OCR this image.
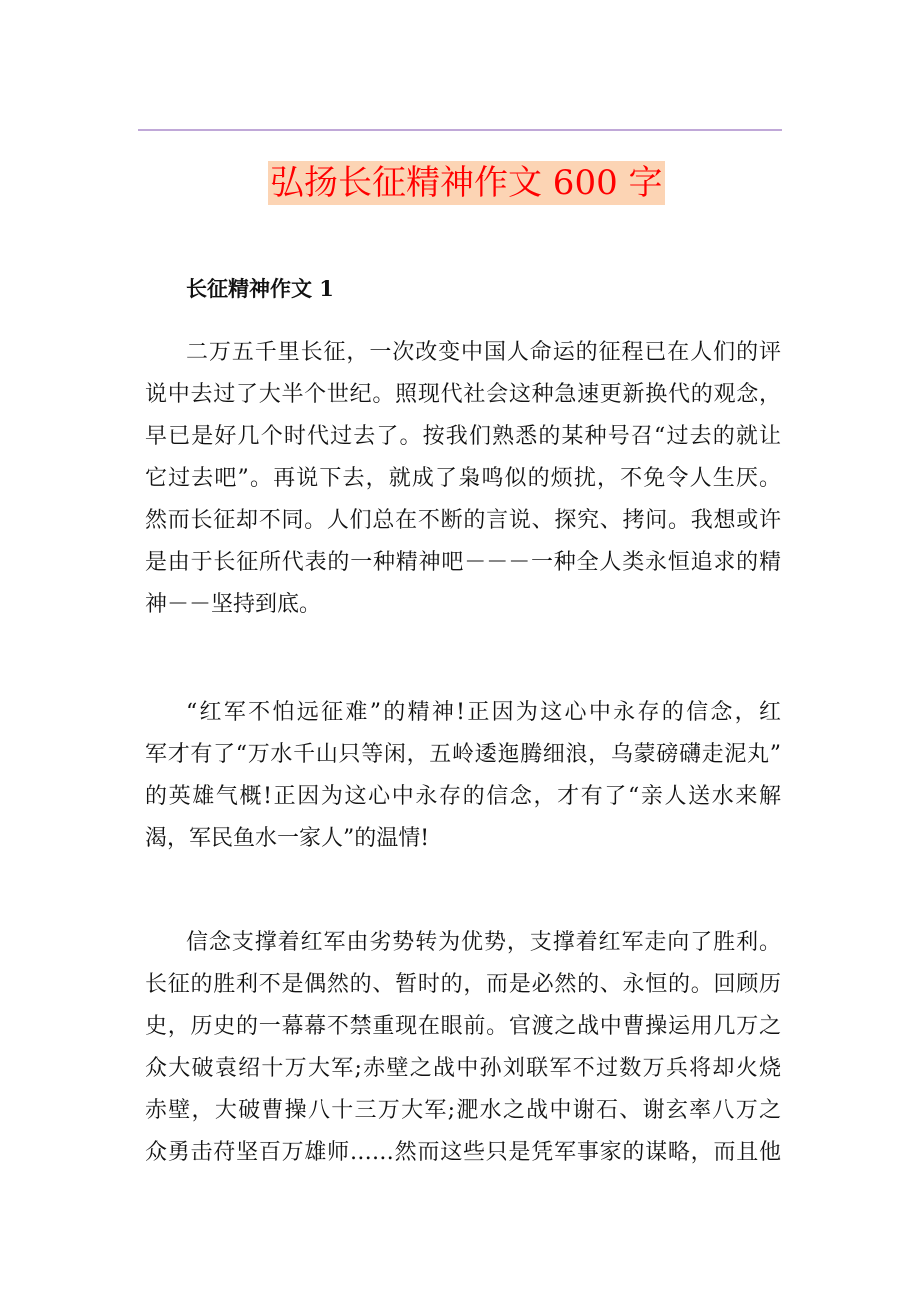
弘扬长征精神作文 600 字
长征精神作文 1
二万五千里长征，一次改变中国人命运的征程已在人们的评
说中去过了大半个世纪。照现代社会这种急速更新换代的观念，
早已是好几个时代过去了。按我们熟悉的某种号召“过去的就让
它过去吧”。再说下去，就成了枭鸣似的烦扰，不免令人生厌。
然而长征却不同。人们总在不断的言说、探究、拷问。我想或许
是由于长征所代表的一种精神吧－－－一种全人类永恒追求的精
神－－坚持到底。
“红军不怕远征难”的精神!正因为这心中永存的信念，红
军才有了“万水千山只等闲，五岭逶迤腾细浪，乌蒙磅礴走泥丸”
的英雄气概!正因为这心中永存的信念，才有了“亲人送水来解
渴，军民鱼水一家人”的温情!
信念支撑着红军由劣势转为优势，支撑着红军走向了胜利。
长征的胜利不是偶然的、暂时的，而是必然的、永恒的。回顾历
史，历史的一幕幕不禁重现在眼前。官渡之战中曹操运用几万之
众大破袁绍十万大军;赤壁之战中孙刘联军不过数万兵将却火烧
赤壁，大破曹操八十三万大军;淝水之战中谢石、谢玄率八万之
众勇击苻坚百万雄师……然而这些只是凭军事家的谋略，而且他
